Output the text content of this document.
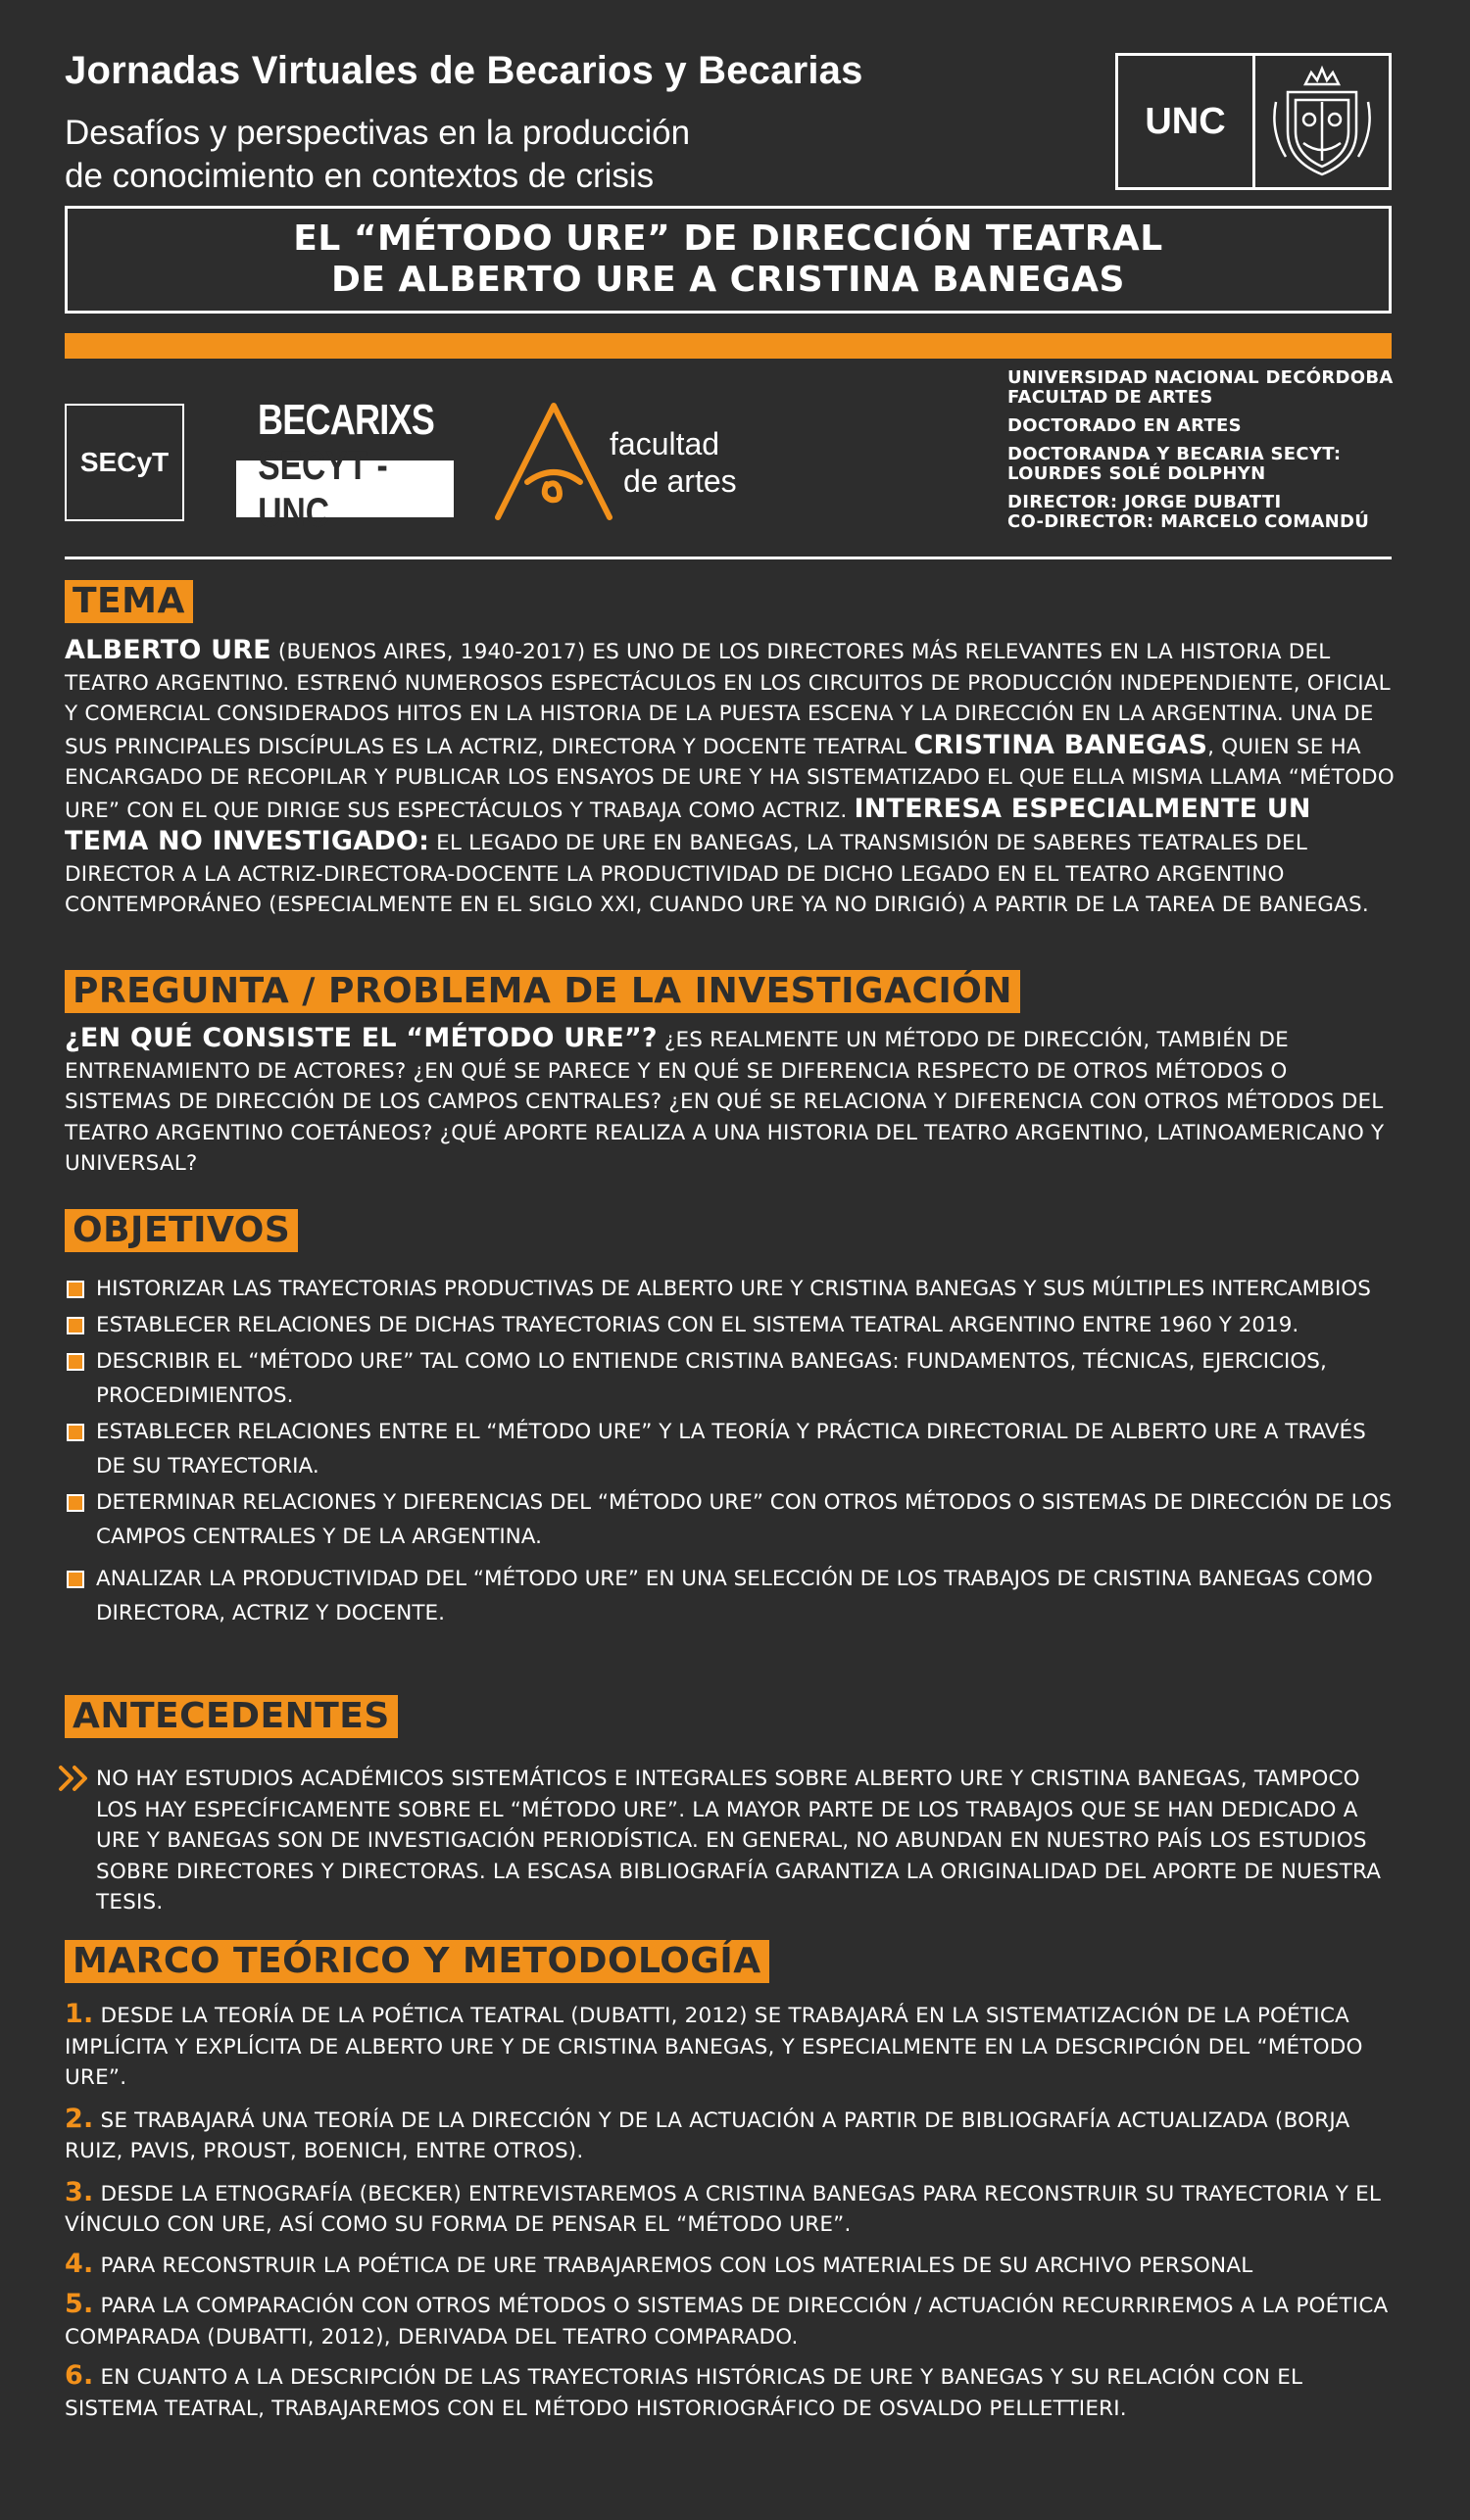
Jornadas Virtuales de Becarios y Becarias
Desafíos y perspectivas en la producción
de conocimiento en contextos de crisis
UNC
EL “MÉTODO URE” DE DIRECCIÓN TEATRAL
DE ALBERTO URE A CRISTINA BANEGAS
SECyT
BECARIXS
SECYT -UNC
facultad
de artes
UNIVERSIDAD NACIONAL DECÓRDOBA
FACULTAD DE ARTES
DOCTORADO EN ARTES
DOCTORANDA Y BECARIA SECYT:
LOURDES SOLÉ DOLPHYN
DIRECTOR: JORGE DUBATTI
CO-DIRECTOR: MARCELO COMANDÚ
TEMA
ALBERTO URE (BUENOS AIRES, 1940-2017) ES UNO DE LOS DIRECTORES MÁS RELEVANTES EN LA HISTORIA DEL TEATRO ARGENTINO. ESTRENÓ NUMEROSOS ESPECTÁCULOS EN LOS CIRCUITOS DE PRODUCCIÓN INDEPENDIENTE, OFICIAL Y COMERCIAL CONSIDERADOS HITOS EN LA HISTORIA DE LA PUESTA ESCENA Y LA DIRECCIÓN EN LA ARGENTINA. UNA DE SUS PRINCIPALES DISCÍPULAS ES LA ACTRIZ, DIRECTORA Y DOCENTE TEATRAL CRISTINA BANEGAS, QUIEN SE HA ENCARGADO DE RECOPILAR Y PUBLICAR LOS ENSAYOS DE URE Y HA SISTEMATIZADO EL QUE ELLA MISMA LLAMA “MÉTODO URE” CON EL QUE DIRIGE SUS ESPECTÁCULOS Y TRABAJA COMO ACTRIZ. INTERESA ESPECIALMENTE UN TEMA NO INVESTIGADO: EL LEGADO DE URE EN BANEGAS, LA TRANSMISIÓN DE SABERES TEATRALES DEL DIRECTOR A LA ACTRIZ-DIRECTORA-DOCENTE LA PRODUCTIVIDAD DE DICHO LEGADO EN EL TEATRO ARGENTINO CONTEMPORÁNEO (ESPECIALMENTE EN EL SIGLO XXI, CUANDO URE YA NO DIRIGIÓ) A PARTIR DE LA TAREA DE BANEGAS.
PREGUNTA / PROBLEMA DE LA INVESTIGACIÓN
¿EN QUÉ CONSISTE EL “MÉTODO URE”? ¿ES REALMENTE UN MÉTODO DE DIRECCIÓN, TAMBIÉN DE ENTRENAMIENTO DE ACTORES? ¿EN QUÉ SE PARECE Y EN QUÉ SE DIFERENCIA RESPECTO DE OTROS MÉTODOS O SISTEMAS DE DIRECCIÓN DE LOS CAMPOS CENTRALES? ¿EN QUÉ SE RELACIONA Y DIFERENCIA CON OTROS MÉTODOS DEL TEATRO ARGENTINO COETÁNEOS? ¿QUÉ APORTE REALIZA A UNA HISTORIA DEL TEATRO ARGENTINO, LATINOAMERICANO Y UNIVERSAL?
OBJETIVOS
HISTORIZAR LAS TRAYECTORIAS PRODUCTIVAS DE ALBERTO URE Y CRISTINA BANEGAS Y SUS MÚLTIPLES INTERCAMBIOS
ESTABLECER RELACIONES DE DICHAS TRAYECTORIAS CON EL SISTEMA TEATRAL ARGENTINO ENTRE 1960 Y 2019.
DESCRIBIR EL “MÉTODO URE” TAL COMO LO ENTIENDE CRISTINA BANEGAS: FUNDAMENTOS, TÉCNICAS, EJERCICIOS, PROCEDIMIENTOS.
ESTABLECER RELACIONES ENTRE EL “MÉTODO URE” Y LA TEORÍA Y PRÁCTICA DIRECTORIAL DE ALBERTO URE A TRAVÉS DE SU TRAYECTORIA.
DETERMINAR RELACIONES Y DIFERENCIAS DEL “MÉTODO URE” CON OTROS MÉTODOS O SISTEMAS DE DIRECCIÓN DE LOS CAMPOS CENTRALES Y DE LA ARGENTINA.
ANALIZAR LA PRODUCTIVIDAD DEL “MÉTODO URE” EN UNA SELECCIÓN DE LOS TRABAJOS DE CRISTINA BANEGAS COMO DIRECTORA, ACTRIZ Y DOCENTE.
ANTECEDENTES
NO HAY ESTUDIOS ACADÉMICOS SISTEMÁTICOS E INTEGRALES SOBRE ALBERTO URE Y CRISTINA BANEGAS, TAMPOCO LOS HAY ESPECÍFICAMENTE SOBRE EL “MÉTODO URE”. LA MAYOR PARTE DE LOS TRABAJOS QUE SE HAN DEDICADO A URE Y BANEGAS SON DE INVESTIGACIÓN PERIODÍSTICA. EN GENERAL, NO ABUNDAN EN NUESTRO PAÍS LOS ESTUDIOS SOBRE DIRECTORES Y DIRECTORAS. LA ESCASA BIBLIOGRAFÍA GARANTIZA LA ORIGINALIDAD DEL APORTE DE NUESTRA TESIS.
MARCO TEÓRICO Y METODOLOGÍA
1. DESDE LA TEORÍA DE LA POÉTICA TEATRAL (DUBATTI, 2012) SE TRABAJARÁ EN LA SISTEMATIZACIÓN DE LA POÉTICA IMPLÍCITA Y EXPLÍCITA DE ALBERTO URE Y DE CRISTINA BANEGAS, Y ESPECIALMENTE EN LA DESCRIPCIÓN DEL “MÉTODO URE”.
2. SE TRABAJARÁ UNA TEORÍA DE LA DIRECCIÓN Y DE LA ACTUACIÓN A PARTIR DE BIBLIOGRAFÍA ACTUALIZADA (BORJA RUIZ, PAVIS, PROUST, BOENICH, ENTRE OTROS).
3. DESDE LA ETNOGRAFÍA (BECKER) ENTREVISTAREMOS A CRISTINA BANEGAS PARA RECONSTRUIR SU TRAYECTORIA Y EL VÍNCULO CON URE, ASÍ COMO SU FORMA DE PENSAR EL “MÉTODO URE”.
4. PARA RECONSTRUIR LA POÉTICA DE URE TRABAJAREMOS CON LOS MATERIALES DE SU ARCHIVO PERSONAL
5. PARA LA COMPARACIÓN CON OTROS MÉTODOS O SISTEMAS DE DIRECCIÓN / ACTUACIÓN RECURRIREMOS A LA POÉTICA COMPARADA (DUBATTI, 2012), DERIVADA DEL TEATRO COMPARADO.
6. EN CUANTO A LA DESCRIPCIÓN DE LAS TRAYECTORIAS HISTÓRICAS DE URE Y BANEGAS Y SU RELACIÓN CON EL SISTEMA TEATRAL, TRABAJAREMOS CON EL MÉTODO HISTORIOGRÁFICO DE OSVALDO PELLETTIERI.
